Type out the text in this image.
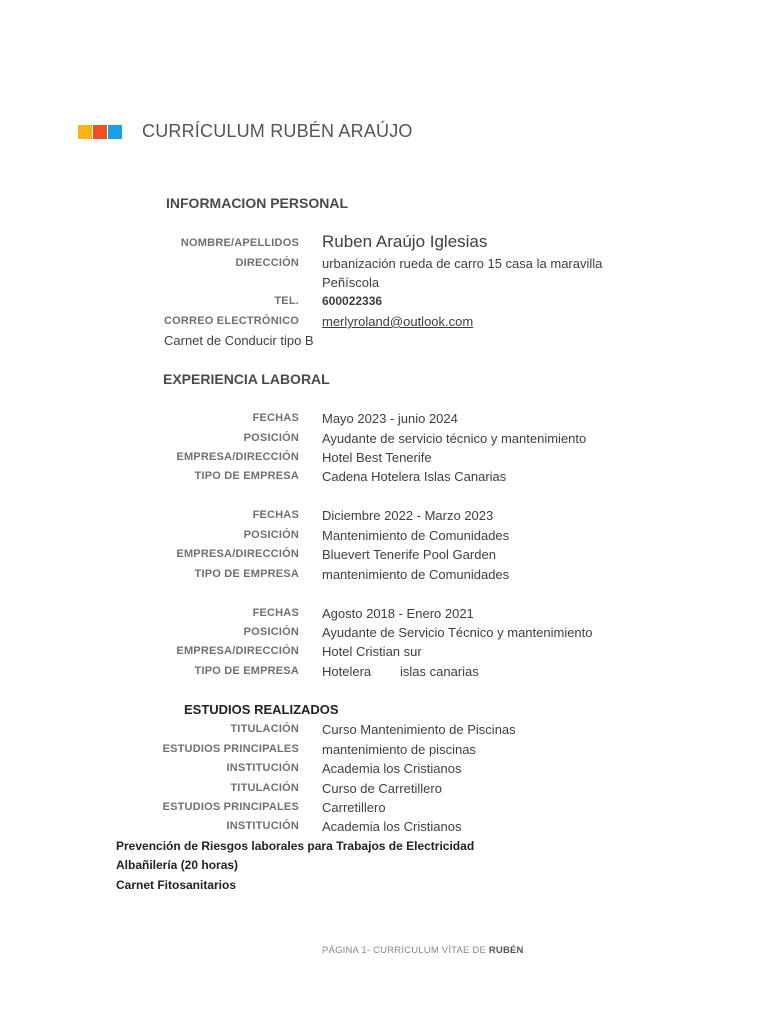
CURRÍCULUM RUBÉN ARAÚJO
INFORMACION PERSONAL
NOMBRE/APELLIDOS Ruben Araújo Iglesias
DIRECCIÓN urbanización rueda de carro 15 casa la maravilla
Peñíscola
TEL. 600022336
CORREO ELECTRÓNICO merlyroland@outlook.com
Carnet de Conducir tipo B
EXPERIENCIA LABORAL
FECHAS Mayo 2023 - junio 2024
POSICIÓN Ayudante de servicio técnico y mantenimiento
EMPRESA/DIRECCIÓN Hotel Best Tenerife
TIPO DE EMPRESA Cadena Hotelera Islas Canarias
FECHAS Diciembre 2022 - Marzo 2023
POSICIÓN Mantenimiento de Comunidades
EMPRESA/DIRECCIÓN Bluevert Tenerife Pool Garden
TIPO DE EMPRESA mantenimiento de Comunidades
FECHAS Agosto 2018 - Enero 2021
POSICIÓN Ayudante de Servicio Técnico y mantenimiento
EMPRESA/DIRECCIÓN Hotel Cristian sur
TIPO DE EMPRESA Hotelera islas canarias
ESTUDIOS REALIZADOS
TITULACIÓN Curso Mantenimiento de Piscinas
ESTUDIOS PRINCIPALES mantenimiento de piscinas
INSTITUCIÓN Academia los Cristianos
TITULACIÓN Curso de Carretillero
ESTUDIOS PRINCIPALES Carretillero
INSTITUCIÓN Academia los Cristianos
Prevención de Riesgos laborales para Trabajos de Electricidad
Albañilería (20 horas)
Carnet Fitosanitarios
PÁGINA 1- CURRÍCULUM VÍTAE DE RUBÉN
